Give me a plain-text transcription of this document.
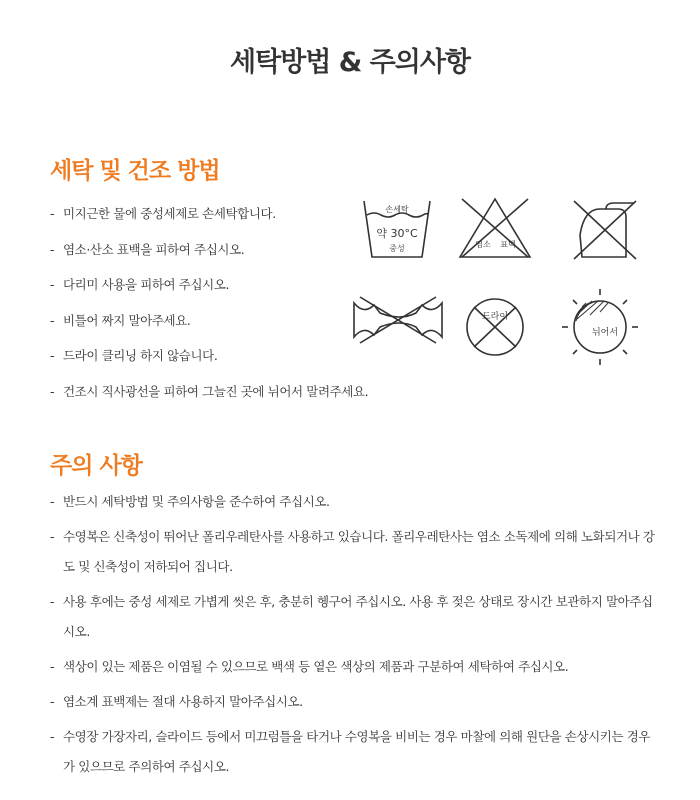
세탁방법 & 주의사항
세탁 및 건조 방법
- 미지근한 물에 중성세제로 손세탁합니다.
- 염소·산소 표백을 피하여 주십시오.
- 다리미 사용을 피하여 주십시오.
- 비틀어 짜지 말아주세요.
- 드라이 클리닝 하지 않습니다.
- 건조시 직사광선을 피하여 그늘진 곳에 뉘어서 말려주세요.
손세탁
약 30°C
중성	염소 표백
드라이
뉘어서
주의 사항
- 반드시 세탁방법 및 주의사항을 준수하여 주십시오.
- 수영복은 신축성이 뛰어난 폴리우레탄사를 사용하고 있습니다. 폴리우레탄사는 염소 소독제에 의해 노화되거나 강도 및 신축성이 저하되어 집니다.
- 사용 후에는 중성 세제로 가볍게 씻은 후, 충분히 헹구어 주십시오. 사용 후 젖은 상태로 장시간 보관하지 말아주십시오.
- 색상이 있는 제품은 이염될 수 있으므로 백색 등 옅은 색상의 제품과 구분하여 세탁하여 주십시오.
- 염소계 표백제는 절대 사용하지 말아주십시오.
- 수영장 가장자리, 슬라이드 등에서 미끄럼틀을 타거나 수영복을 비비는 경우 마찰에 의해 원단을 손상시키는 경우가 있으므로 주의하여 주십시오.
